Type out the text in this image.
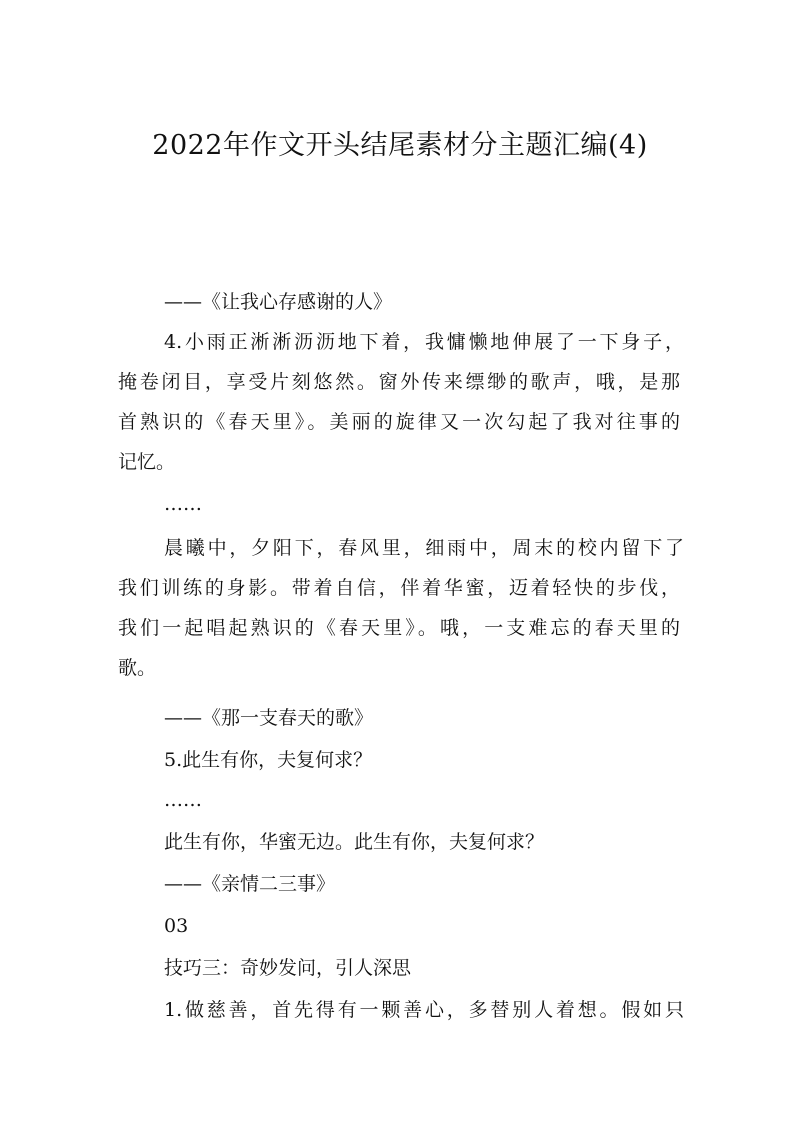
2022年作文开头结尾素材分主题汇编(4)
——《让我心存感谢的人》
4.小雨正淅淅沥沥地下着，我慵懒地伸展了一下身子，
掩卷闭目，享受片刻悠然。窗外传来缥缈的歌声，哦，是那
首熟识的《春天里》。美丽的旋律又一次勾起了我对往事的
记忆。
……
晨曦中，夕阳下，春风里，细雨中，周末的校内留下了
我们训练的身影。带着自信，伴着华蜜，迈着轻快的步伐，
我们一起唱起熟识的《春天里》。哦，一支难忘的春天里的
歌。
——《那一支春天的歌》
5.此生有你，夫复何求？
……
此生有你，华蜜无边。此生有你，夫复何求？
——《亲情二三事》
03
技巧三：奇妙发问，引人深思
1.做慈善，首先得有一颗善心，多替别人着想。假如只
